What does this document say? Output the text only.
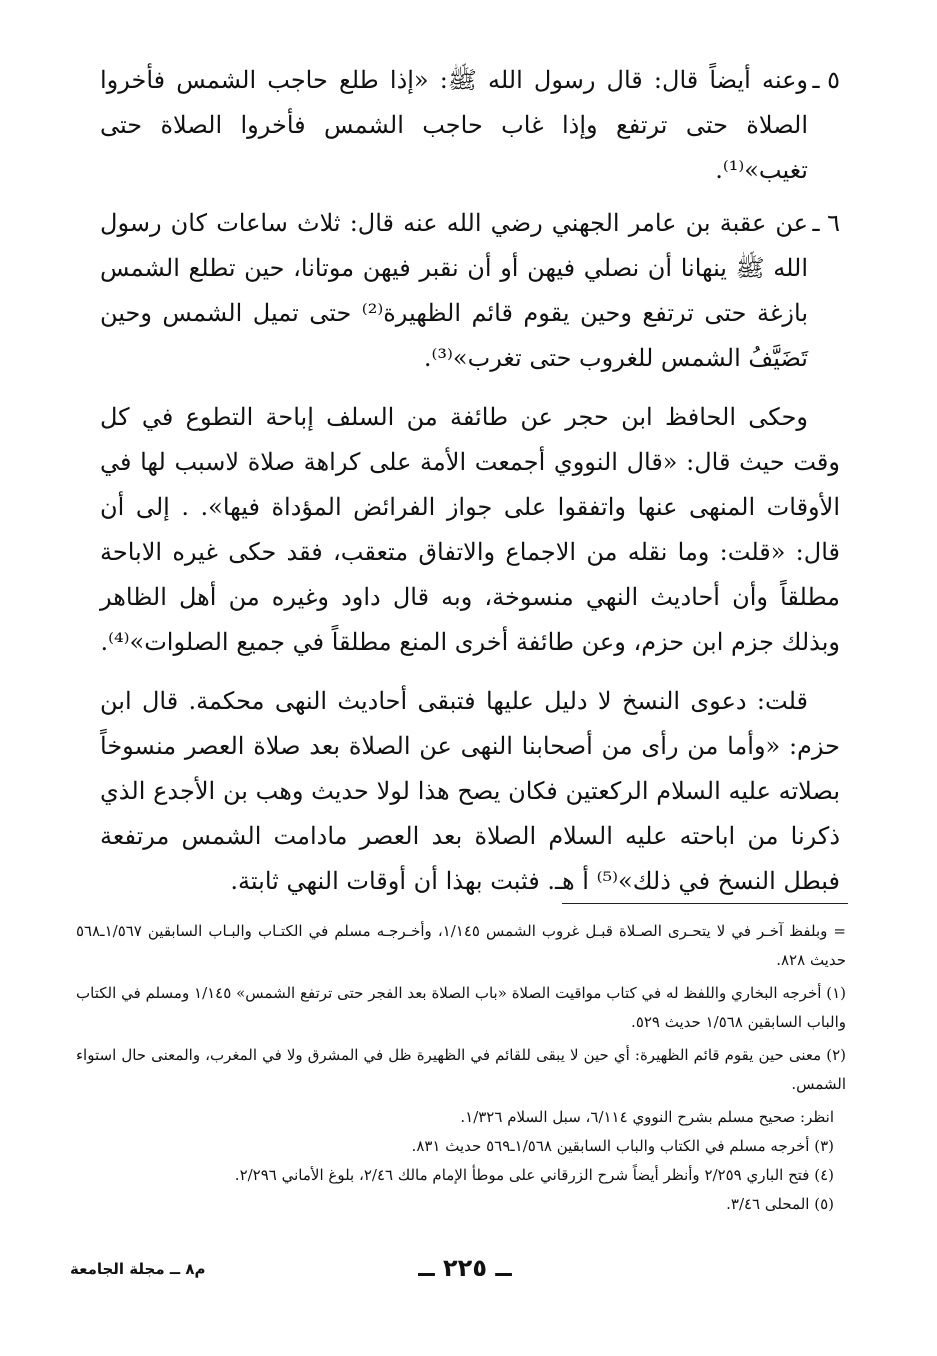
٥ ـ
وعنه أيضاً قال: قال رسول الله ﷺ: «إذا طلع حاجب الشمس فأخروا الصلاة حتى ترتفع وإذا غاب حاجب الشمس فأخروا الصلاة حتى تغيب»⁽¹⁾.

٦ ـ
عن عقبة بن عامر الجهني رضي الله عنه قال: ثلاث ساعات كان رسول الله ﷺ ينهانا أن نصلي فيهن أو أن نقبر فيهن موتانا، حين تطلع الشمس بازغة حتى ترتفع وحين يقوم قائم الظهيرة⁽²⁾ حتى تميل الشمس وحين تَضَيَّفُ الشمس للغروب حتى تغرب»⁽³⁾.

وحكى الحافظ ابن حجر عن طائفة من السلف إباحة التطوع في كل وقت حيث قال: «قال النووي أجمعت الأمة على كراهة صلاة لاسبب لها في الأوقات المنهى عنها واتفقوا على جواز الفرائض المؤداة فيها». . إلى أن قال: «قلت: وما نقله من الاجماع والاتفاق متعقب، فقد حكى غيره الاباحة مطلقاً وأن أحاديث النهي منسوخة، وبه قال داود وغيره من أهل الظاهر وبذلك جزم ابن حزم، وعن طائفة أخرى المنع مطلقاً في جميع الصلوات»⁽⁴⁾.

قلت: دعوى النسخ لا دليل عليها فتبقى أحاديث النهى محكمة. قال ابن حزم: «وأما من رأى من أصحابنا النهى عن الصلاة بعد صلاة العصر منسوخاً بصلاته عليه السلام الركعتين فكان يصح هذا لولا حديث وهب بن الأجدع الذي ذكرنا من اباحته عليه السلام الصلاة بعد العصر مادامت الشمس مرتفعة فبطل النسخ في ذلك»⁽⁵⁾ أ هـ. فثبت بهذا أن أوقات النهي ثابتة.

= وبلفظ آخـر في لا يتحـرى الصـلاة قبـل غروب الشمس ١/١٤٥، وأخـرجـه مسلم في الكتـاب والبـاب السابقين ١/٥٦٧ـ٥٦٨ حديث ٨٢٨.

(١) أخرجه البخاري واللفظ له في كتاب مواقيت الصلاة «باب الصلاة بعد الفجر حتى ترتفع الشمس» ١/١٤٥ ومسلم في الكتاب والباب السابقين ١/٥٦٨ حديث ٥٢٩.

(٢) معنى حين يقوم قائم الظهيرة: أي حين لا يبقى للقائم في الظهيرة ظل في المشرق ولا في المغرب، والمعنى حال استواء الشمس.

انظر: صحيح مسلم بشرح النووي ٦/١١٤، سبل السلام ١/٣٢٦.

(٣) أخرجه مسلم في الكتاب والباب السابقين ١/٥٦٨ـ٥٦٩ حديث ٨٣١.

(٤) فتح الباري ٢/٢٥٩ وأنظر أيضاً شرح الزرقاني على موطأ الإمام مالك ٢/٤٦، بلوغ الأماني ٢/٢٩٦.

(٥) المحلى ٣/٤٦.

ــ ٢٢٥ ــ
م٨ ــ مجلة الجامعة
